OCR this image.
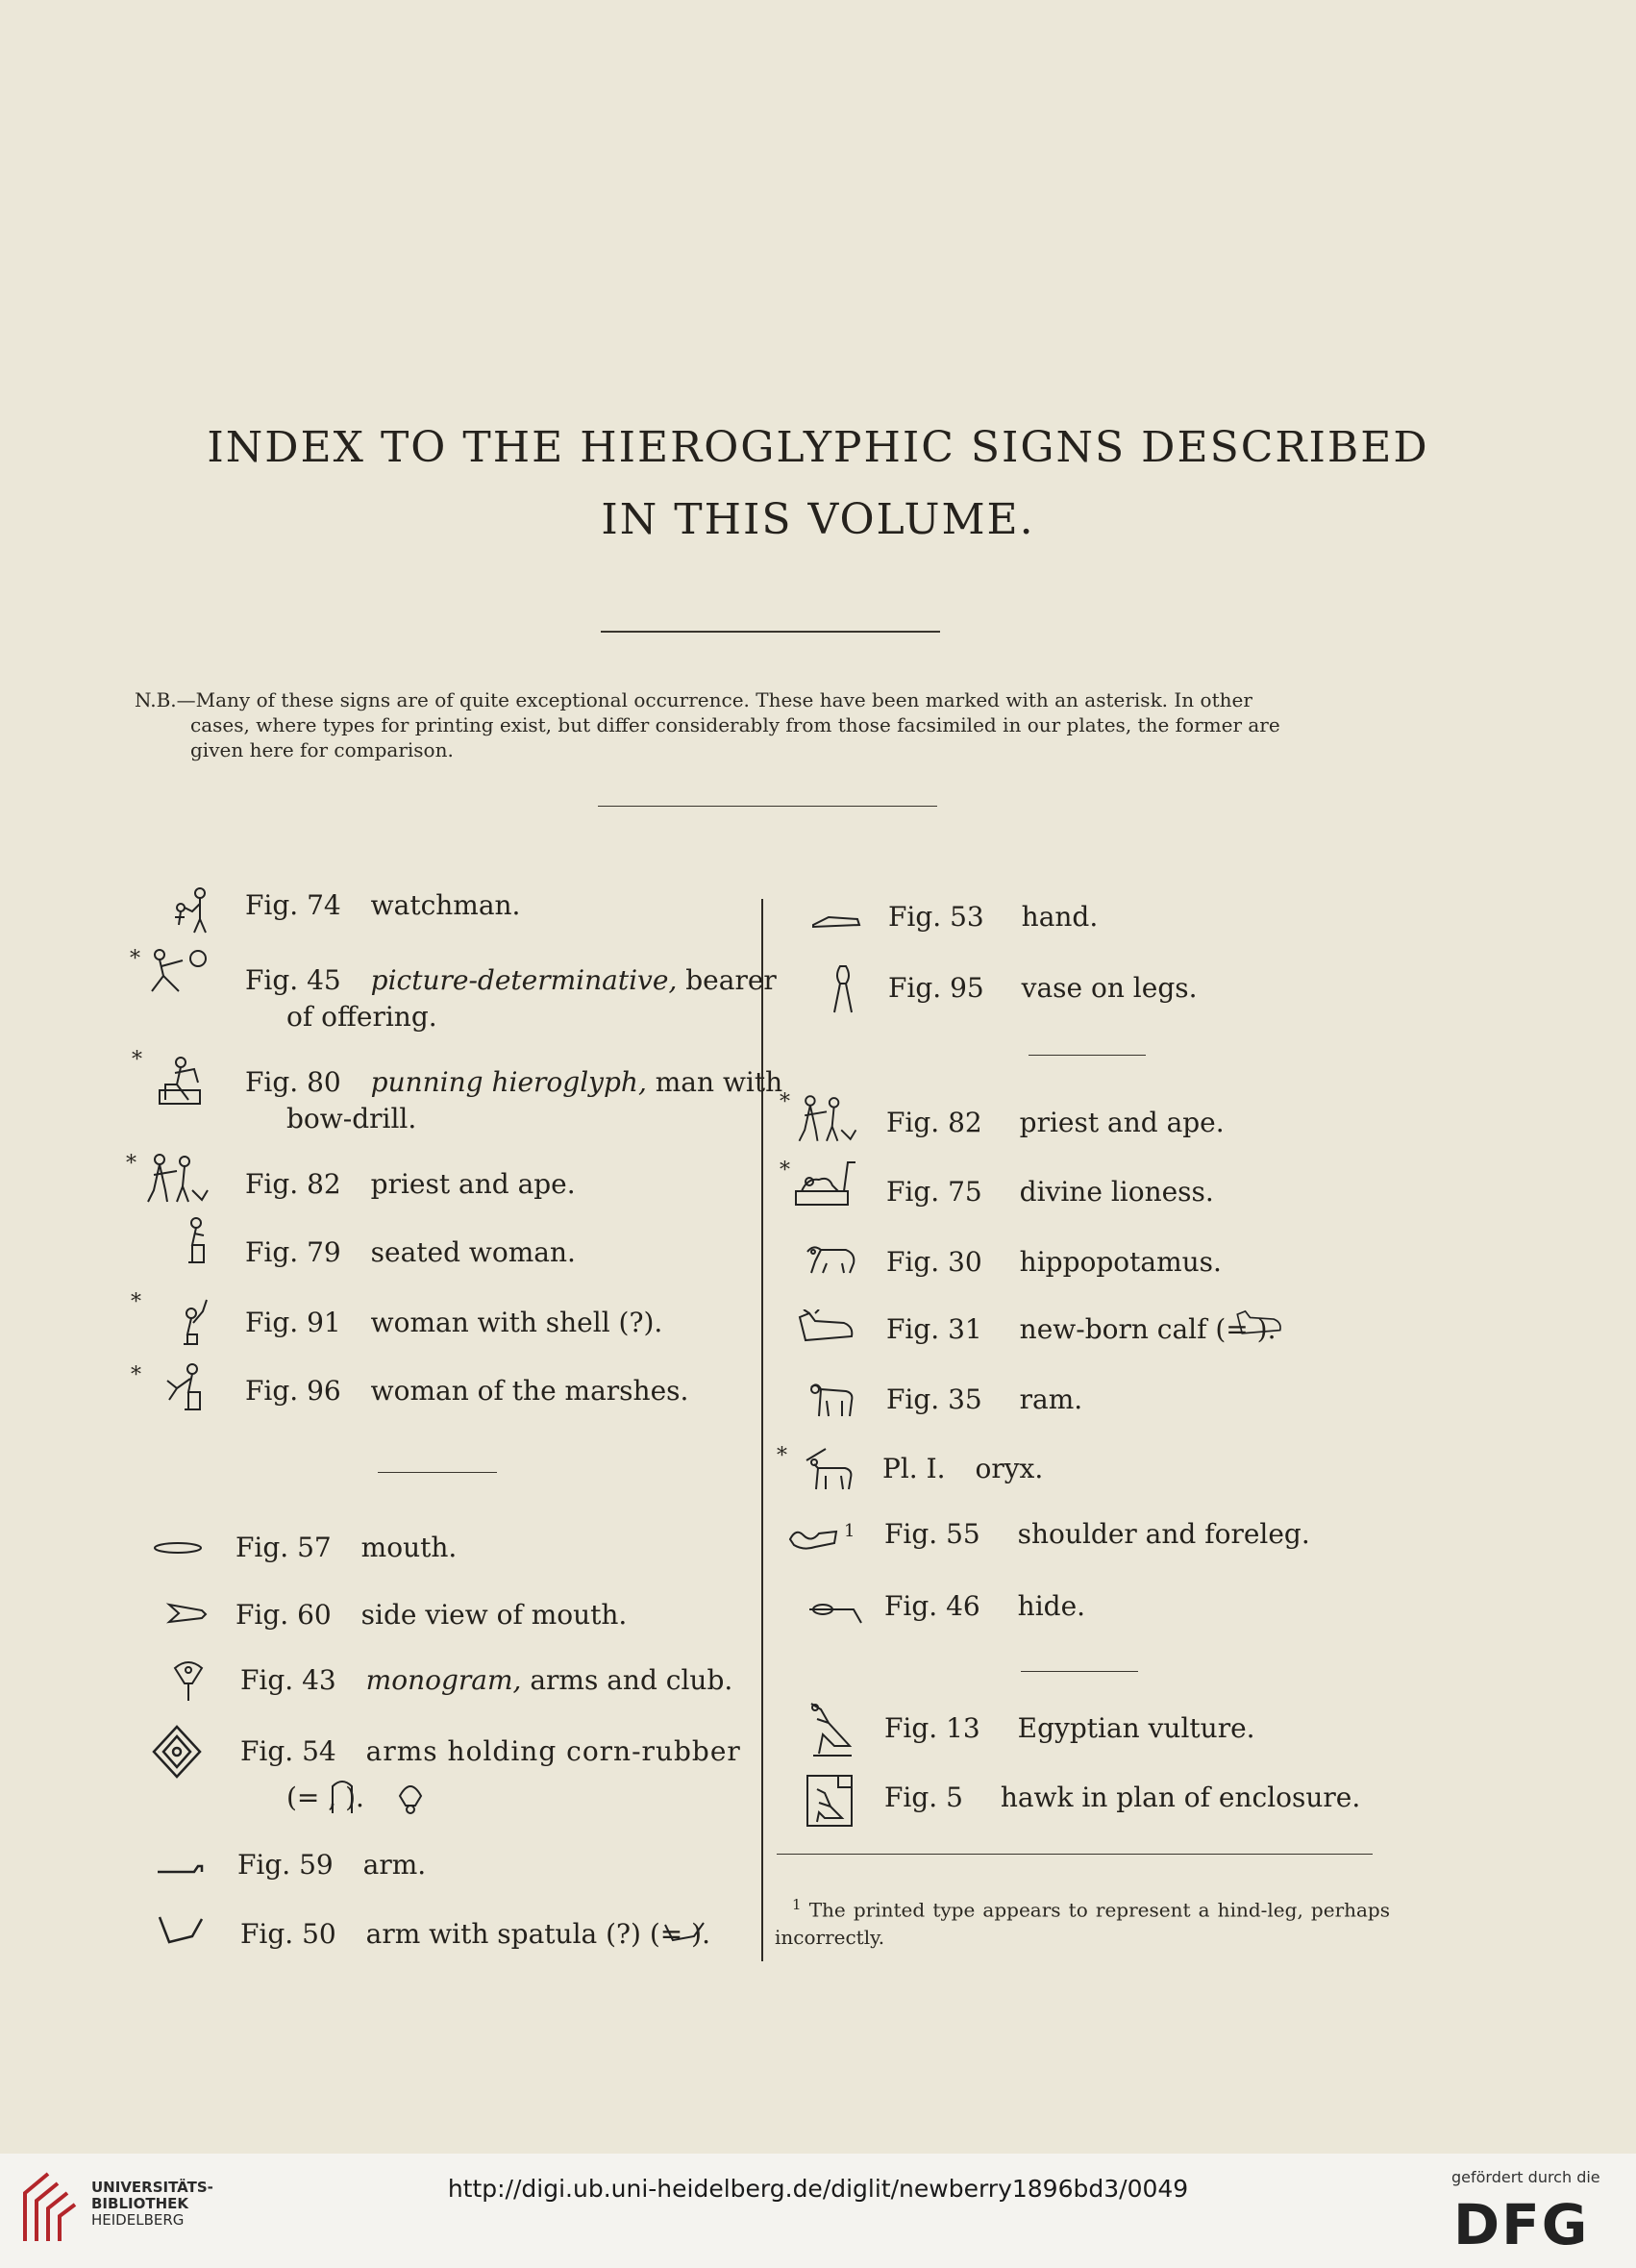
INDEX TO THE HIEROGLYPHIC SIGNS DESCRIBED
IN THIS VOLUME.
N.B.—Many of these signs are of quite exceptional occurrence. These have been marked with an asterisk. In other
cases, where types for printing exist, but differ considerably from those facsimiled in our plates, the former are
given here for comparison.
Fig. 74 watchman.
*
Fig. 45 picture-determinative, bearer
of offering.
*
Fig. 80 punning hieroglyph, man with
bow-drill.
*
Fig. 82 priest and ape.
Fig. 79 seated woman.
*
Fig. 91 woman with shell (?).
*	Fig. 96 woman of the marshes.
Fig. 57 mouth.
Fig. 60 side view of mouth.
Fig. 43 monogram, arms and club.
Fig. 54 arms holding corn-rubber
(= , ).
Fig. 59 arm.
Fig. 50 arm with spatula (?) (= ).
Fig. 53 hand.
Fig. 95 vase on legs.
*
Fig. 82 priest and ape.
*
Fig. 75 divine lioness.
Fig. 30 hippopotamus.
Fig. 31 new-born calf (= ).
Fig. 35 ram.
*	Pl. I. oryx.
1 Fig. 55 shoulder and foreleg.
Fig. 46 hide.
Fig. 13 Egyptian vulture.
Fig. 5 hawk in plan of enclosure.
$^1$ The printed type appears to represent a hind-leg, perhaps incorrectly.
UNIVERSITÄTS-
BIBLIOTHEK
HEIDELBERG
http://digi.ub.uni-heidelberg.de/diglit/newberry1896bd3/0049	gefördert durch die
DFG
